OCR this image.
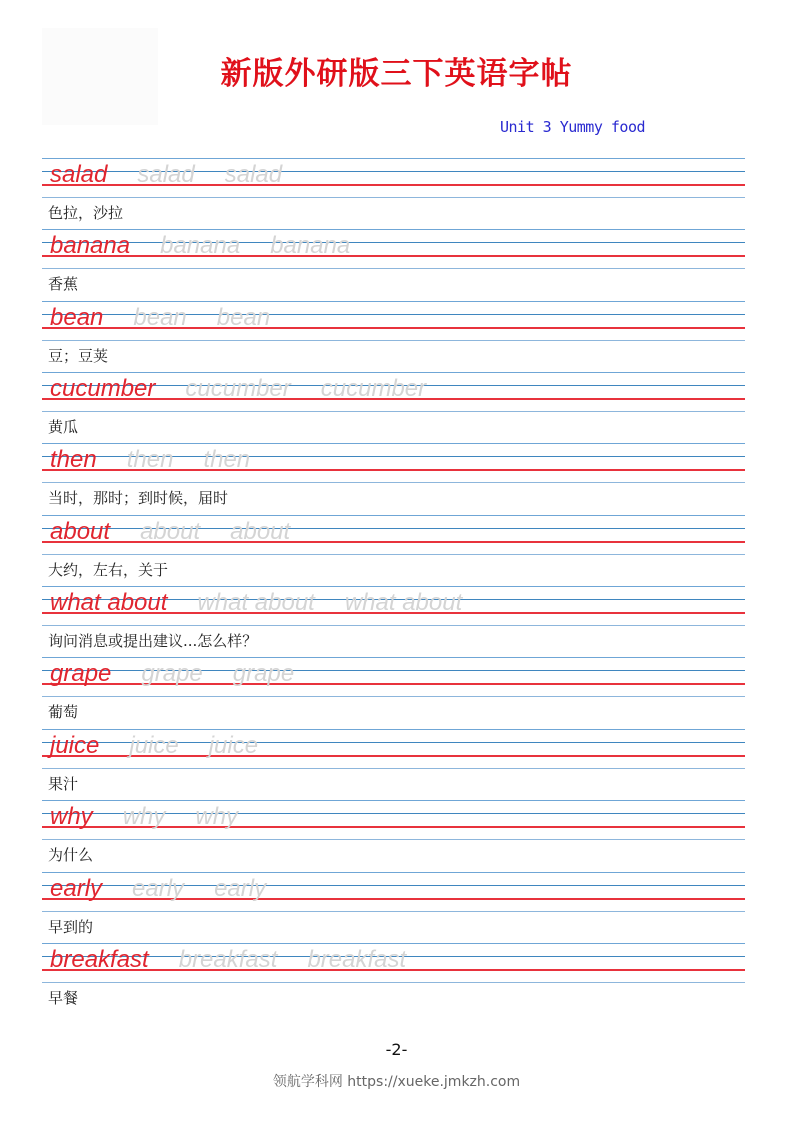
新版外研版三下英语字帖
Unit 3 Yummy food
salad salad salad
色拉，沙拉
banana banana banana
香蕉
bean bean bean
豆；豆荚
cucumber cucumber cucumber
黄瓜
then then then
当时，那时；到时候，届时
about about about
大约，左右，关于
what about what about what about
询问消息或提出建议...怎么样？
grape grape grape
葡萄
juice juice juice
果汁
why why why
为什么
early early early
早到的
breakfast breakfast breakfast
早餐
-2-
领航学科网 https://xueke.jmkzh.com
